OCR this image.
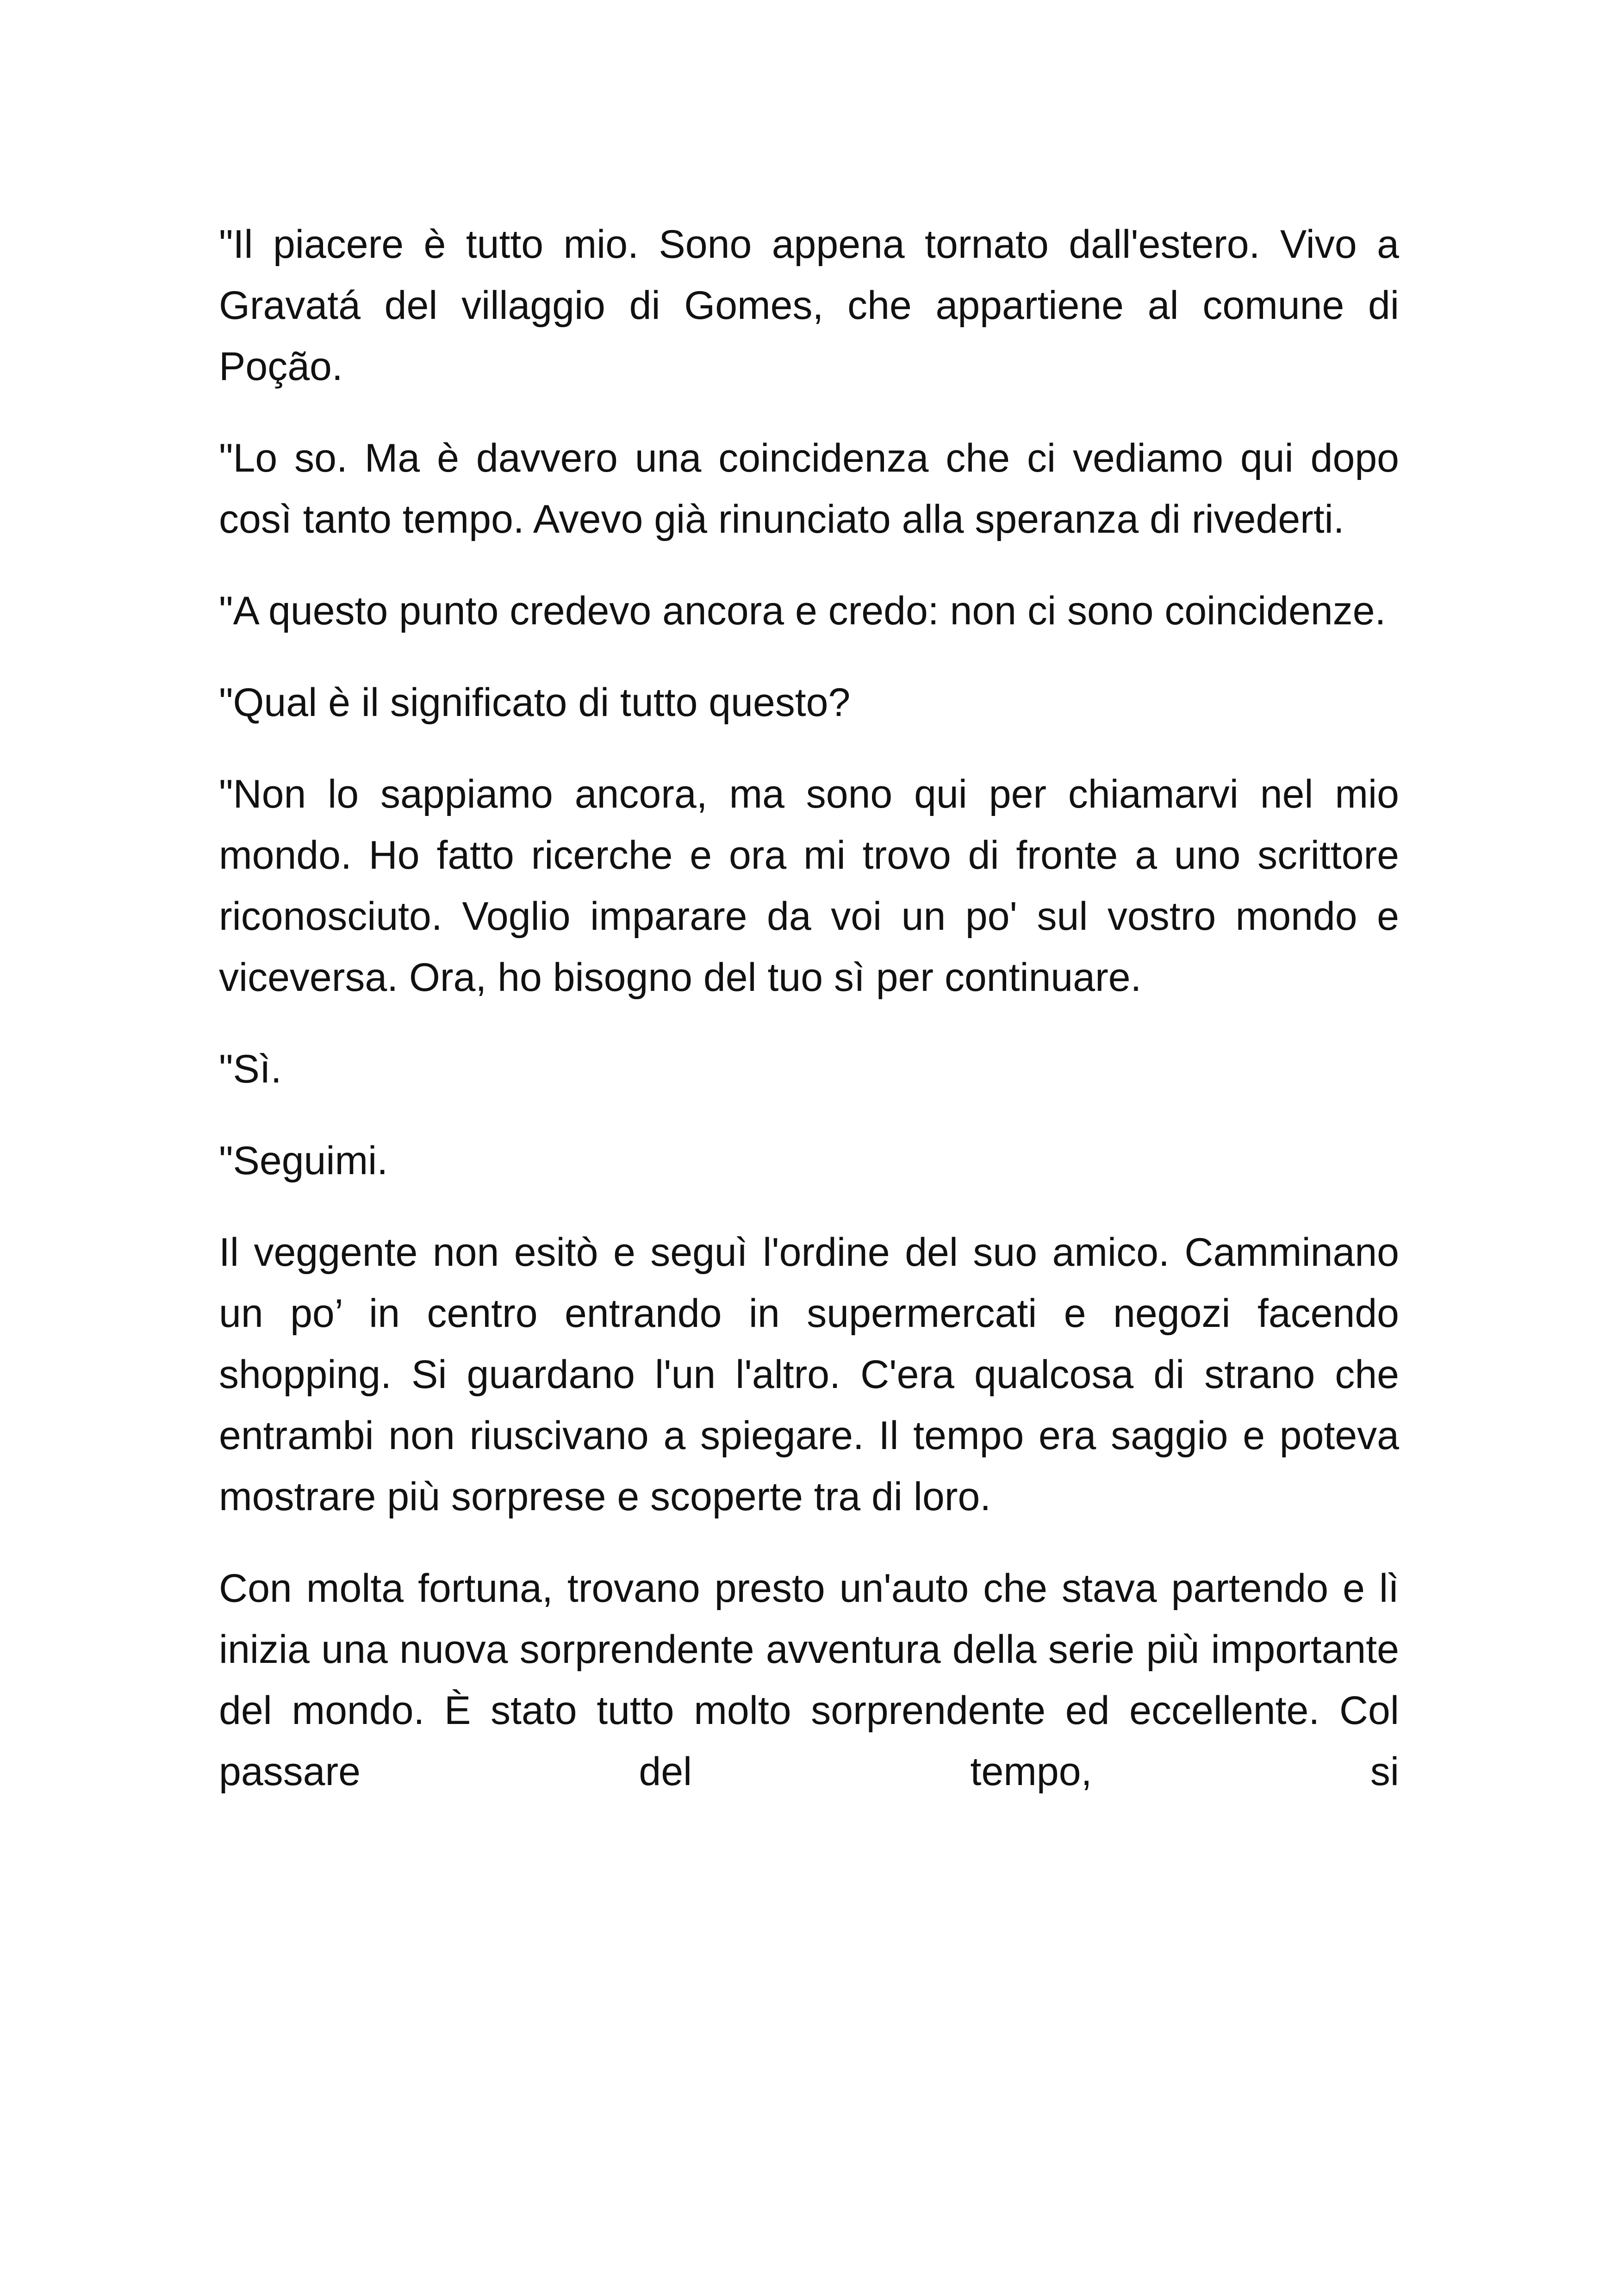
"Il piacere è tutto mio. Sono appena tornato dall'estero. Vivo a Gravatá del villaggio di Gomes, che appartiene al comune di Poção.

"Lo so. Ma è davvero una coincidenza che ci vediamo qui dopo così tanto tempo. Avevo già rinunciato alla speranza di rivederti.

"A questo punto credevo ancora e credo: non ci sono coincidenze.

"Qual è il significato di tutto questo?

"Non lo sappiamo ancora, ma sono qui per chiamarvi nel mio mondo. Ho fatto ricerche e ora mi trovo di fronte a uno scrittore riconosciuto. Voglio imparare da voi un po' sul vostro mondo e viceversa. Ora, ho bisogno del tuo sì per continuare.

"Sì.

"Seguimi.

Il veggente non esitò e seguì l'ordine del suo amico. Camminano un po’ in centro entrando in supermercati e negozi facendo shopping. Si guardano l'un l'altro. C'era qualcosa di strano che entrambi non riuscivano a spiegare. Il tempo era saggio e poteva mostrare più sorprese e scoperte tra di loro.

Con molta fortuna, trovano presto un'auto che stava partendo e lì inizia una nuova sorprendente avventura della serie più importante del mondo. È stato tutto molto sorprendente ed eccellente. Col passare del tempo, si
